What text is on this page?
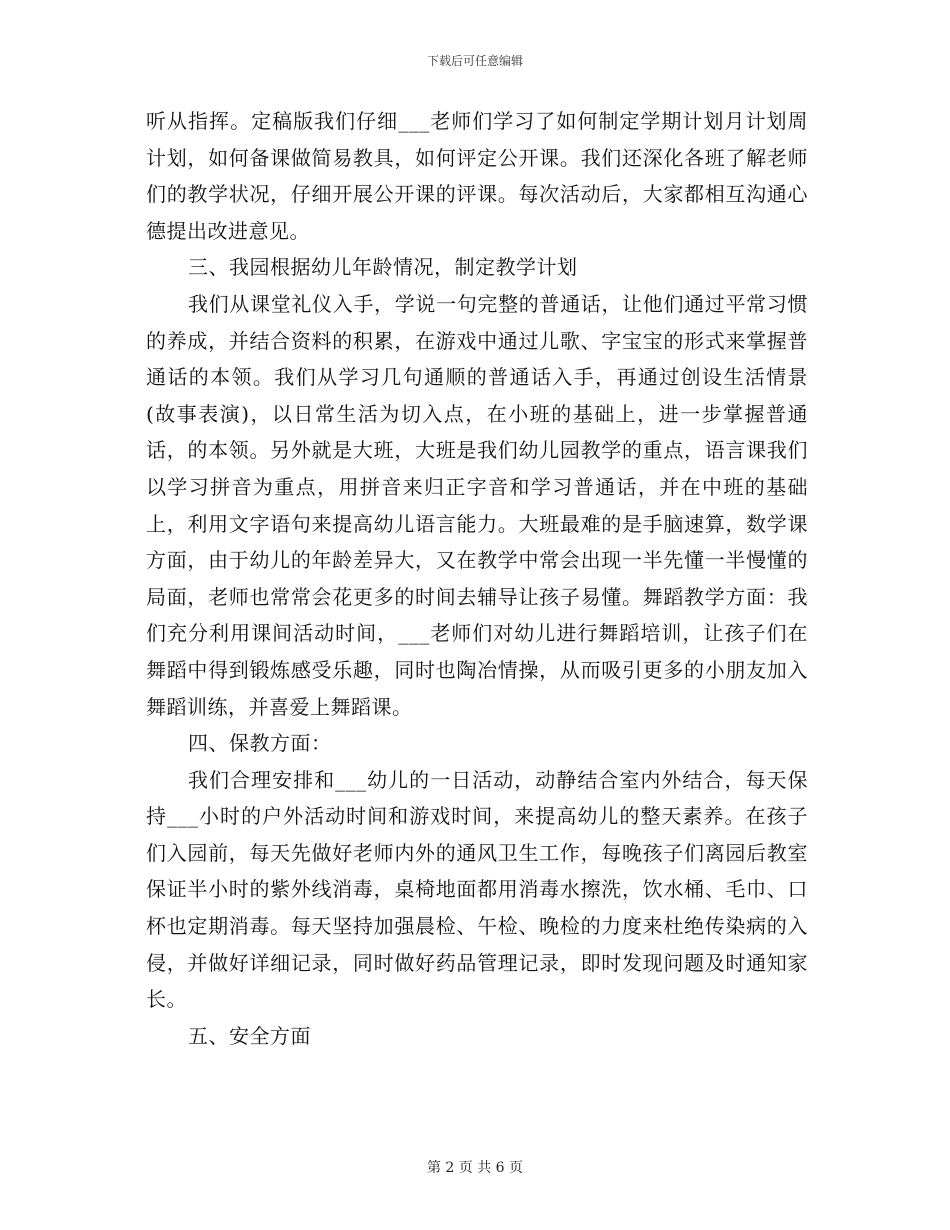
下载后可任意编辑

听从指挥。定稿版我们仔细___老师们学习了如何制定学期计划月计划周计划，如何备课做简易教具，如何评定公开课。我们还深化各班了解老师们的教学状况，仔细开展公开课的评课。每次活动后，大家都相互沟通心德提出改进意见。

三、我园根据幼儿年龄情况，制定教学计划

我们从课堂礼仪入手，学说一句完整的普通话，让他们通过平常习惯的养成，并结合资料的积累，在游戏中通过儿歌、字宝宝的形式来掌握普通话的本领。我们从学习几句通顺的普通话入手，再通过创设生活情景(故事表演)，以日常生活为切入点，在小班的基础上，进一步掌握普通话，的本领。另外就是大班，大班是我们幼儿园教学的重点，语言课我们以学习拼音为重点，用拼音来归正字音和学习普通话，并在中班的基础上，利用文字语句来提高幼儿语言能力。大班最难的是手脑速算，数学课方面，由于幼儿的年龄差异大，又在教学中常会出现一半先懂一半慢懂的局面，老师也常常会花更多的时间去辅导让孩子易懂。舞蹈教学方面：我们充分利用课间活动时间，___老师们对幼儿进行舞蹈培训，让孩子们在舞蹈中得到锻炼感受乐趣，同时也陶冶情操，从而吸引更多的小朋友加入舞蹈训练，并喜爱上舞蹈课。

四、保教方面：

我们合理安排和___幼儿的一日活动，动静结合室内外结合，每天保持___小时的户外活动时间和游戏时间，来提高幼儿的整天素养。在孩子们入园前，每天先做好老师内外的通风卫生工作，每晚孩子们离园后教室保证半小时的紫外线消毒，桌椅地面都用消毒水擦洗，饮水桶、毛巾、口杯也定期消毒。每天坚持加强晨检、午检、晚检的力度来杜绝传染病的入侵，并做好详细记录，同时做好药品管理记录，即时发现问题及时通知家长。

五、安全方面

第 2 页 共 6 页
